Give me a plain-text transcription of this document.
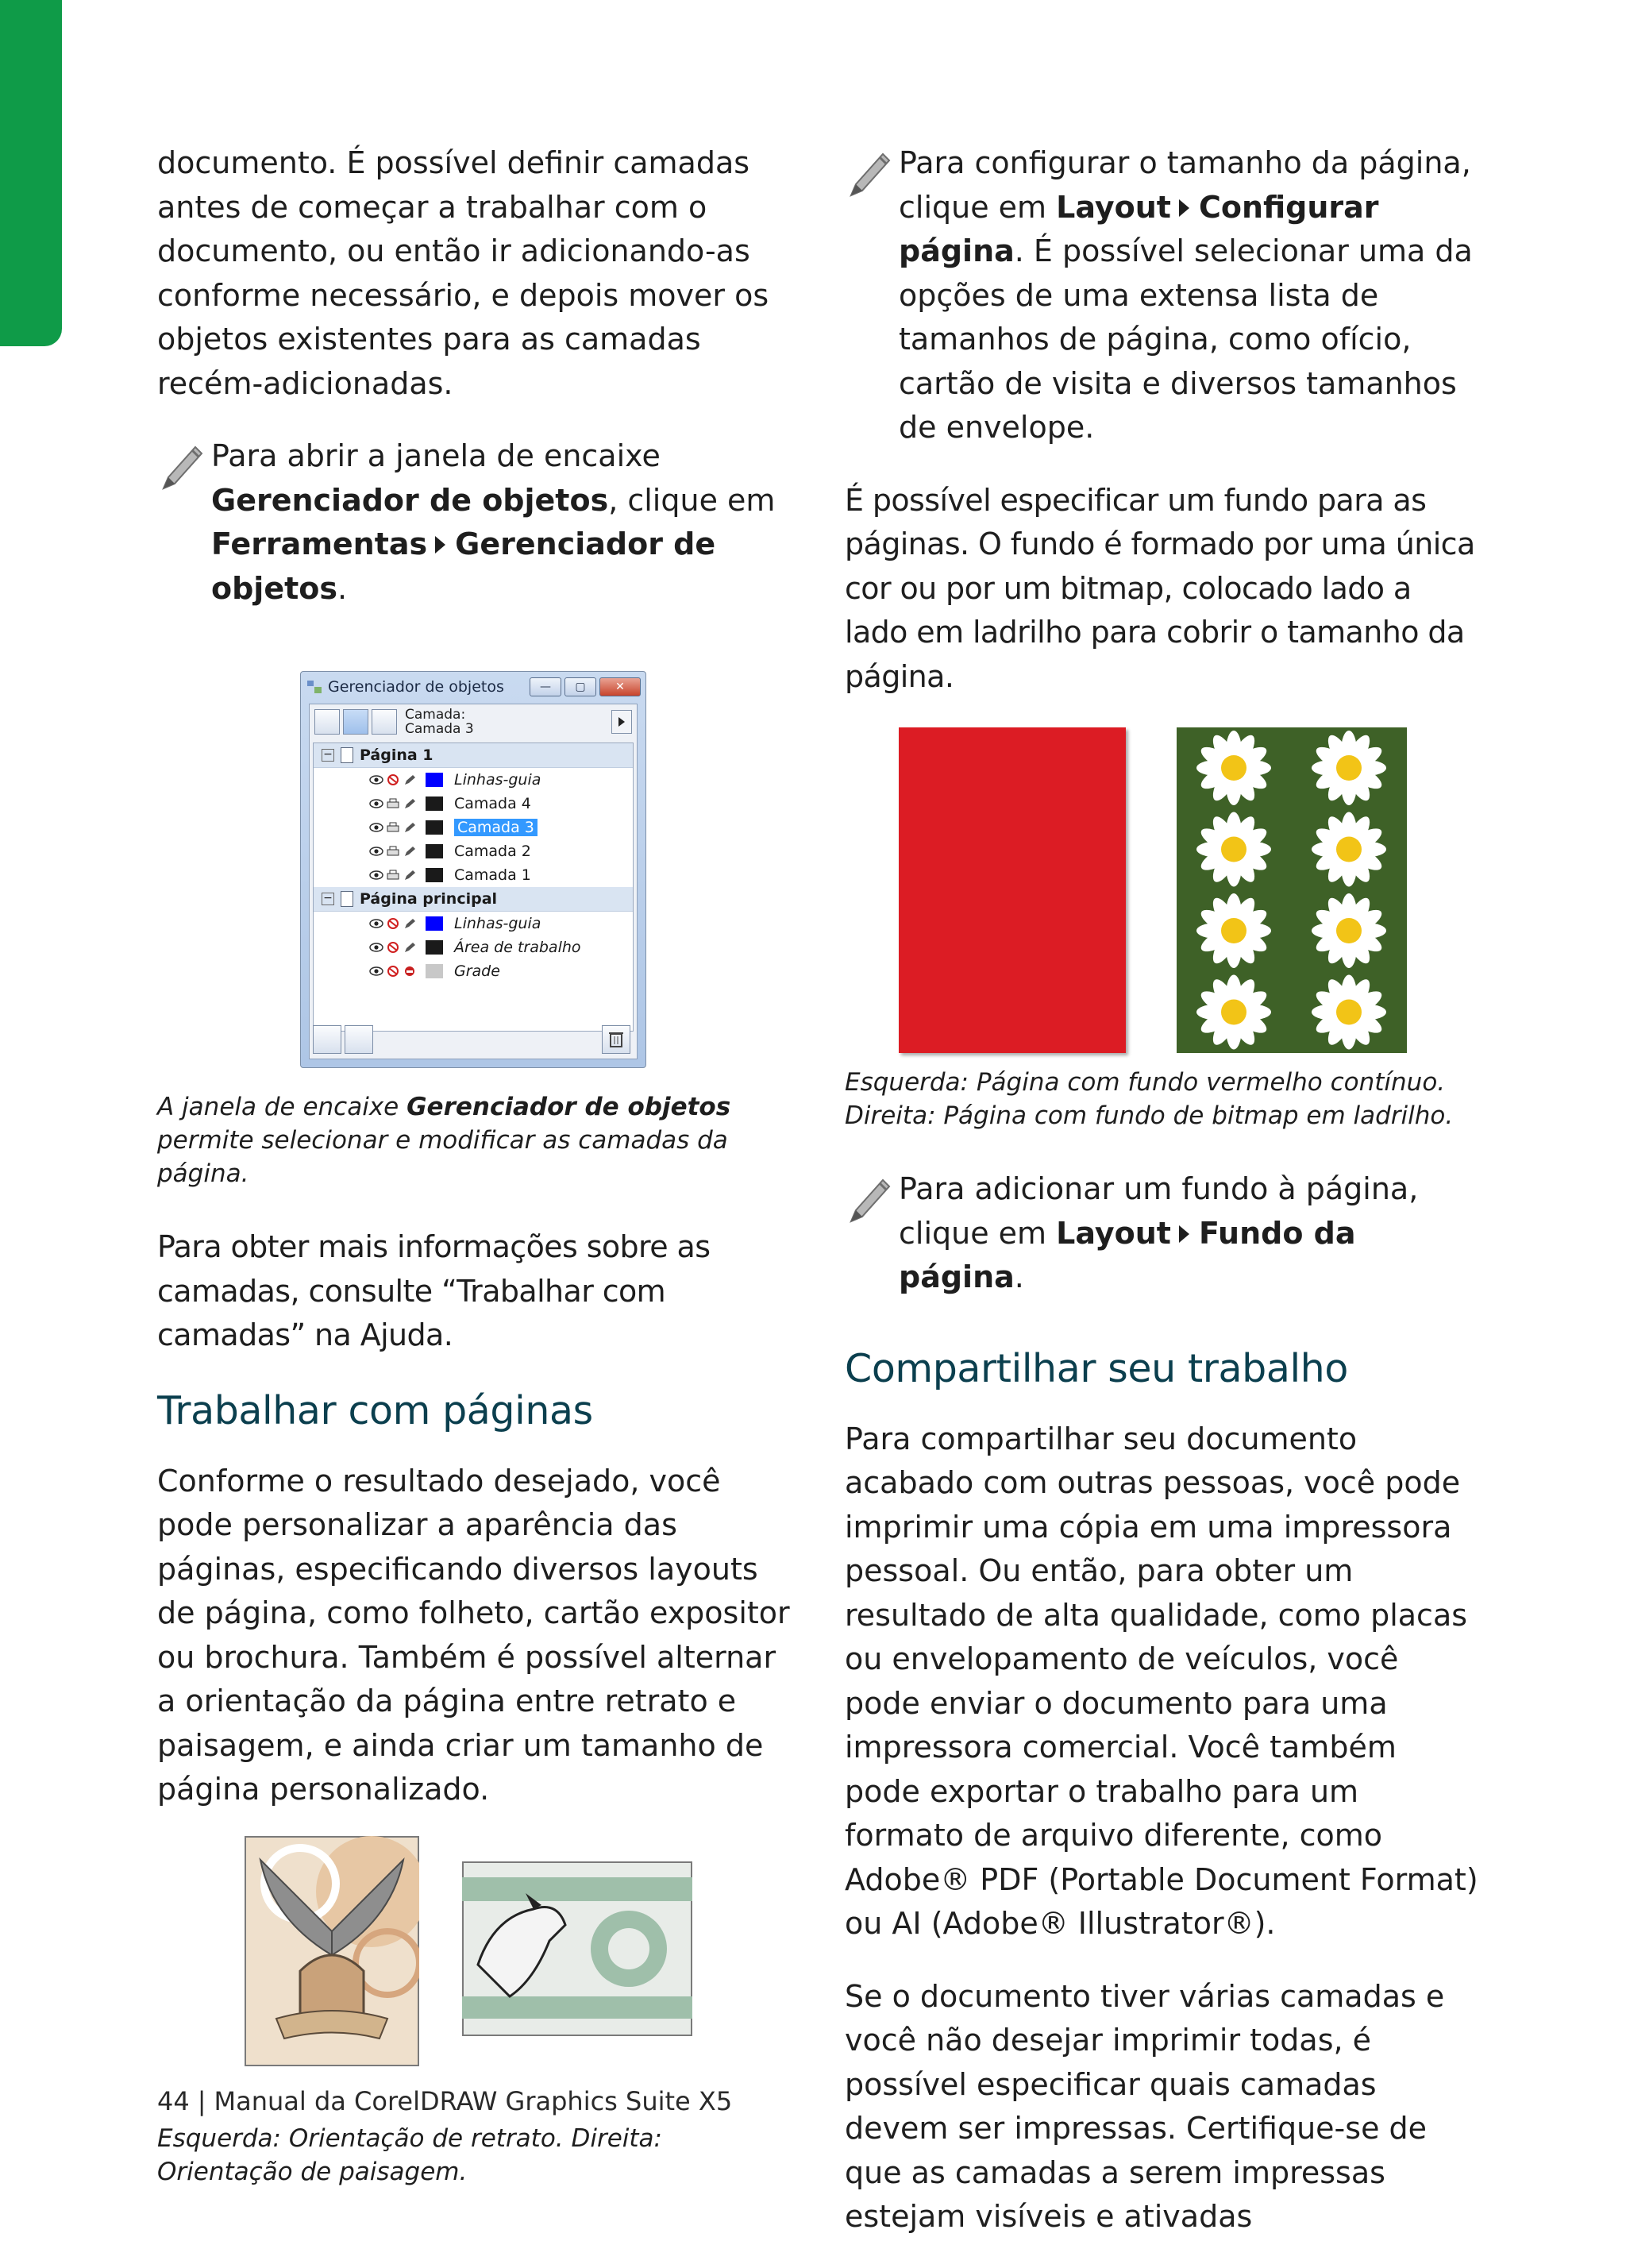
documento. É possível definir camadas antes de começar a trabalhar com o documento, ou então ir adicionando-as conforme necessário, e depois mover os objetos existentes para as camadas recém-adicionadas.

Para abrir a janela de encaixe Gerenciador de objetos, clique em Ferramentas Gerenciador de objetos.
Gerenciador de objetos	—	▢	✕
Camada:
Camada 3
− Página 1
Linhas-guia
Camada 4
Camada 3
Camada 2
Camada 1
− Página principal
Linhas-guia
Área de trabalho
Grade

A janela de encaixe Gerenciador de objetos permite selecionar e modificar as camadas da página.

Para obter mais informações sobre as camadas, consulte “Trabalhar com camadas” na Ajuda.

Trabalhar com páginas

Conforme o resultado desejado, você pode personalizar a aparência das páginas, especificando diversos layouts de página, como folheto, cartão expositor ou brochura. Também é possível alternar a orientação da página entre retrato e paisagem, e ainda criar um tamanho de página personalizado.

Esquerda: Orientação de retrato. Direita: Orientação de paisagem.

Para configurar o tamanho da página, clique em Layout Configurar página. É possível selecionar uma da opções de uma extensa lista de tamanhos de página, como ofício, cartão de visita e diversos tamanhos de envelope.

É possível especificar um fundo para as páginas. O fundo é formado por uma única cor ou por um bitmap, colocado lado a lado em ladrilho para cobrir o tamanho da página.

Esquerda: Página com fundo vermelho contínuo.
Direita: Página com fundo de bitmap em ladrilho.

Para adicionar um fundo à página, clique em Layout Fundo da página.
Compartilhar seu trabalho

Para compartilhar seu documento acabado com outras pessoas, você pode imprimir uma cópia em uma impressora pessoal. Ou então, para obter um resultado de alta qualidade, como placas ou envelopamento de veículos, você pode enviar o documento para uma impressora comercial. Você também pode exportar o trabalho para um formato de arquivo diferente, como Adobe® PDF (Portable Document Format) ou AI (Adobe® Illustrator®).

Se o documento tiver várias camadas e você não desejar imprimir todas, é possível especificar quais camadas devem ser impressas. Certifique-se de que as camadas a serem impressas estejam visíveis e ativadas

44 | Manual da CorelDRAW Graphics Suite X5
